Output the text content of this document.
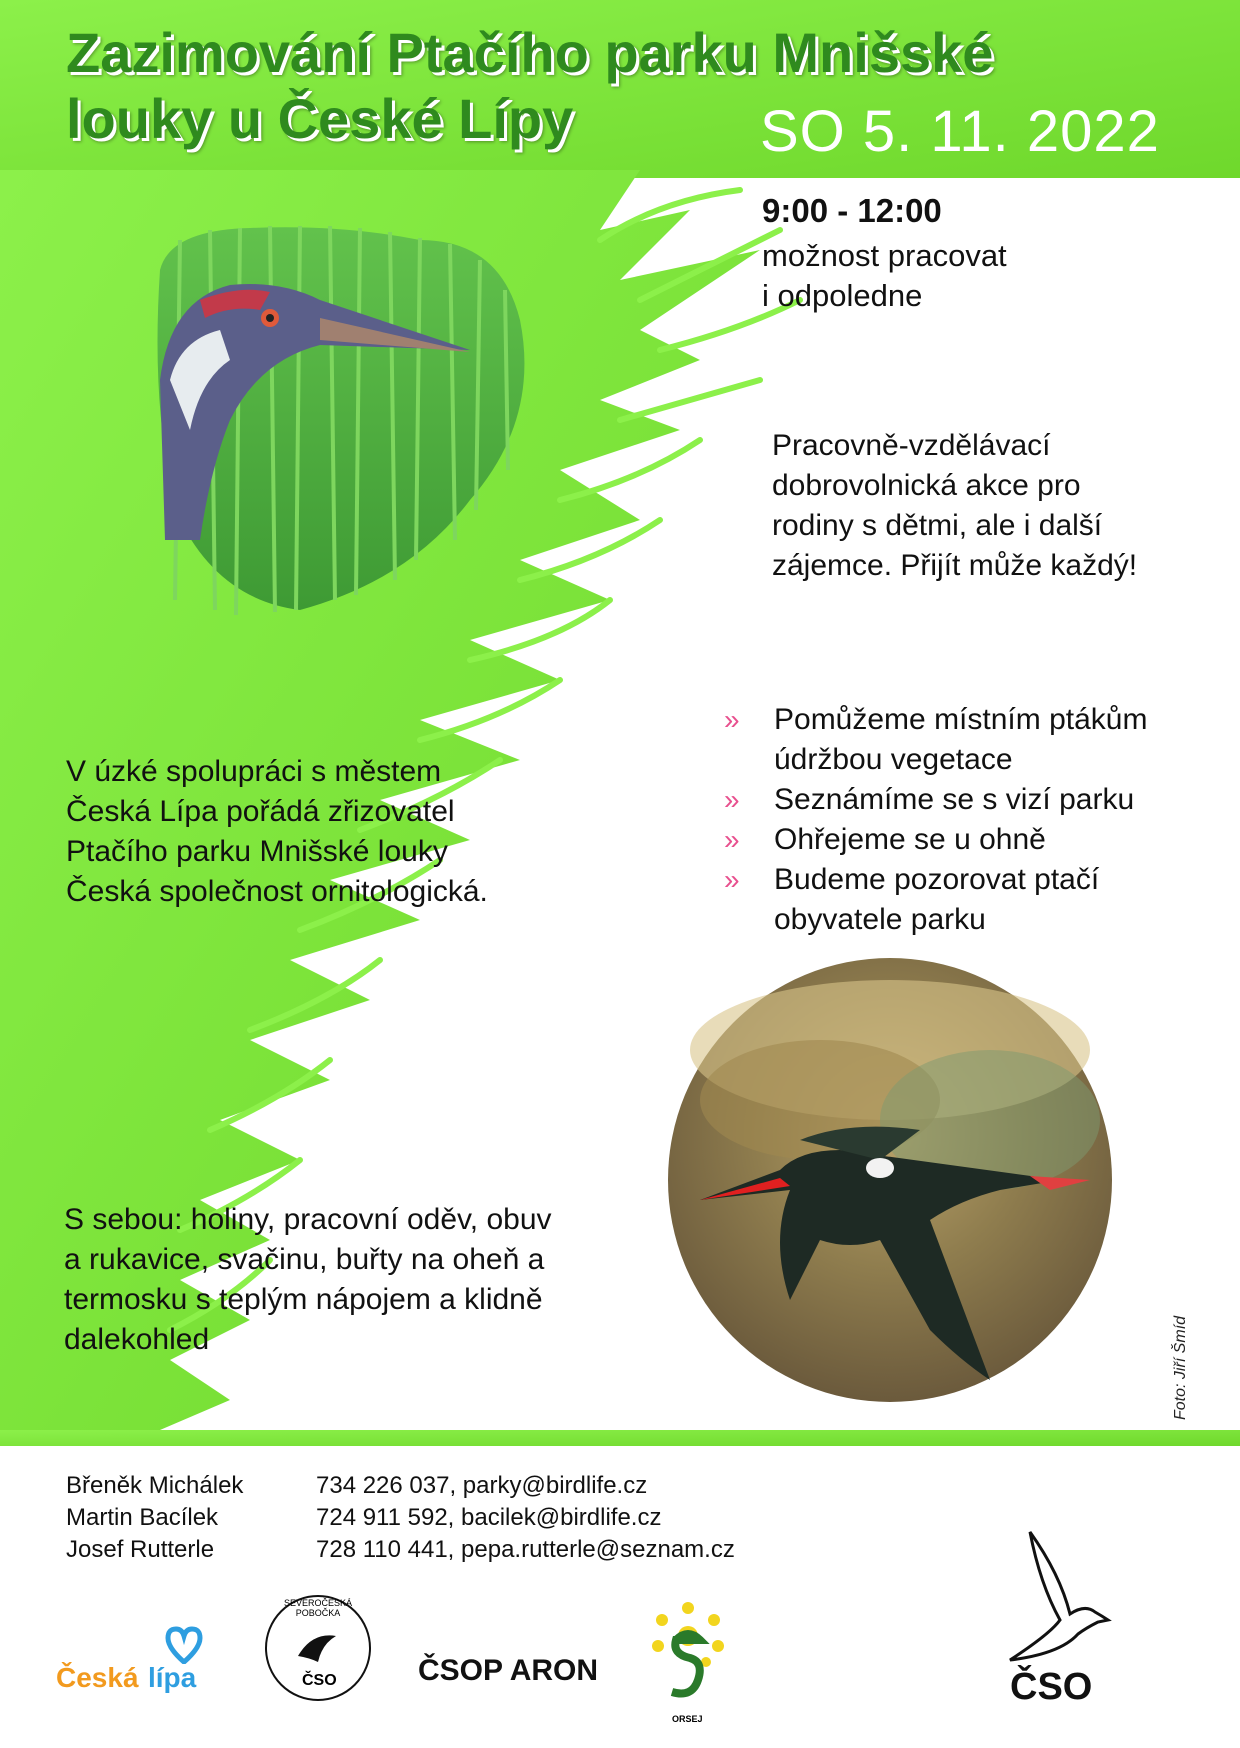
Zazimování Ptačího parku Mnišské
louky u České Lípy	SO 5. 11. 2022
9:00 - 12:00
možnost pracovat
i odpoledne
Pracovně-vzdělávací
dobrovolnická akce pro
rodiny s dětmi, ale i další
zájemce. Přijít může každý!
» Pomůžeme místním ptákům údržbou vegetace
» Seznámíme se s vizí parku
» Ohřejeme se u ohně
» Budeme pozorovat ptačí obyvatele parku
V úzké spolupráci s městem
Česká Lípa pořádá zřizovatel
Ptačího parku Mnišské louky
Česká společnost ornitologická.
S sebou: holiny, pracovní oděv, obuv
a rukavice, svačinu, buřty na oheň a
termosku s teplým nápojem a klidně
dalekohled	Foto: Jiří Šmíd
Břeněk Michálek	734 226 037, parky@birdlife.cz
Martin Bacílek	724 911 592, bacilek@birdlife.cz
Josef Rutterle	728 110 441, pepa.rutterle@seznam.cz
Česká lípa
SEVEROČESKÁ POBOČKA
ČSO	ČSOP ARON
ORSEJ
ČSO
